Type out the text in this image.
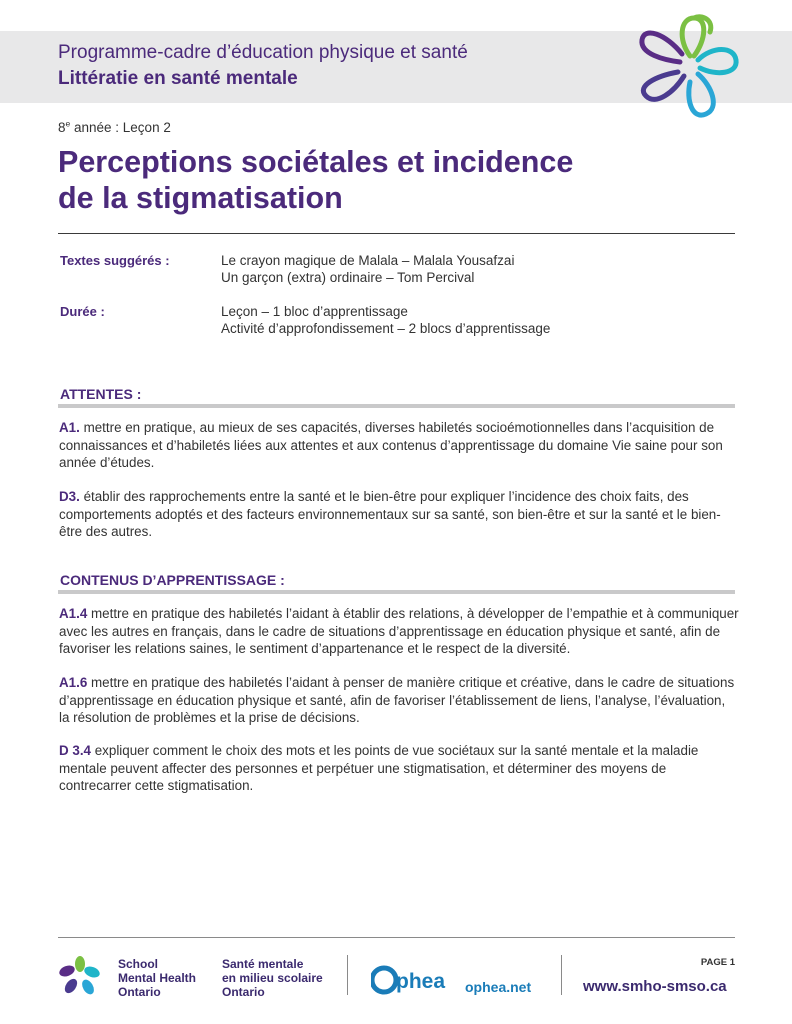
Programme-cadre d’éducation physique et santé
Littératie en santé mentale
8e année : Leçon 2
Perceptions sociétales et incidence
de la stigmatisation
Textes suggérés :	Le crayon magique de Malala – Malala Yousafzai
Un garçon (extra) ordinaire – Tom Percival
Durée :	Leçon – 1 bloc d’apprentissage
Activité d’approfondissement – 2 blocs d’apprentissage
ATTENTES :
A1. mettre en pratique, au mieux de ses capacités, diverses habiletés socioémotionnelles dans l’acquisition de connaissances et d’habiletés liées aux attentes et aux contenus d’apprentissage du domaine Vie saine pour son année d’études.
D3. établir des rapprochements entre la santé et le bien-être pour expliquer l’incidence des choix faits, des comportements adoptés et des facteurs environnementaux sur sa santé, son bien-être et sur la santé et le bien-être des autres.
CONTENUS D’APPRENTISSAGE :
A1.4 mettre en pratique des habiletés l’aidant à établir des relations, à développer de l’empathie et à communiquer avec les autres en français, dans le cadre de situations d’apprentissage en éducation physique et santé, afin de favoriser les relations saines, le sentiment d’appartenance et le respect de la diversité.
A1.6 mettre en pratique des habiletés l’aidant à penser de manière critique et créative, dans le cadre de situations d’apprentissage en éducation physique et santé, afin de favoriser l’établissement de liens, l’analyse, l’évaluation, la résolution de problèmes et la prise de décisions.
D 3.4 expliquer comment le choix des mots et les points de vue sociétaux sur la santé mentale et la maladie mentale peuvent affecter des personnes et perpétuer une stigmatisation, et déterminer des moyens de contrecarrer cette stigmatisation.
School
Mental Health
Ontario
Santé mentale
en milieu scolaire
Ontario	phea ophea.net
PAGE 1
www.smho-smso.ca
